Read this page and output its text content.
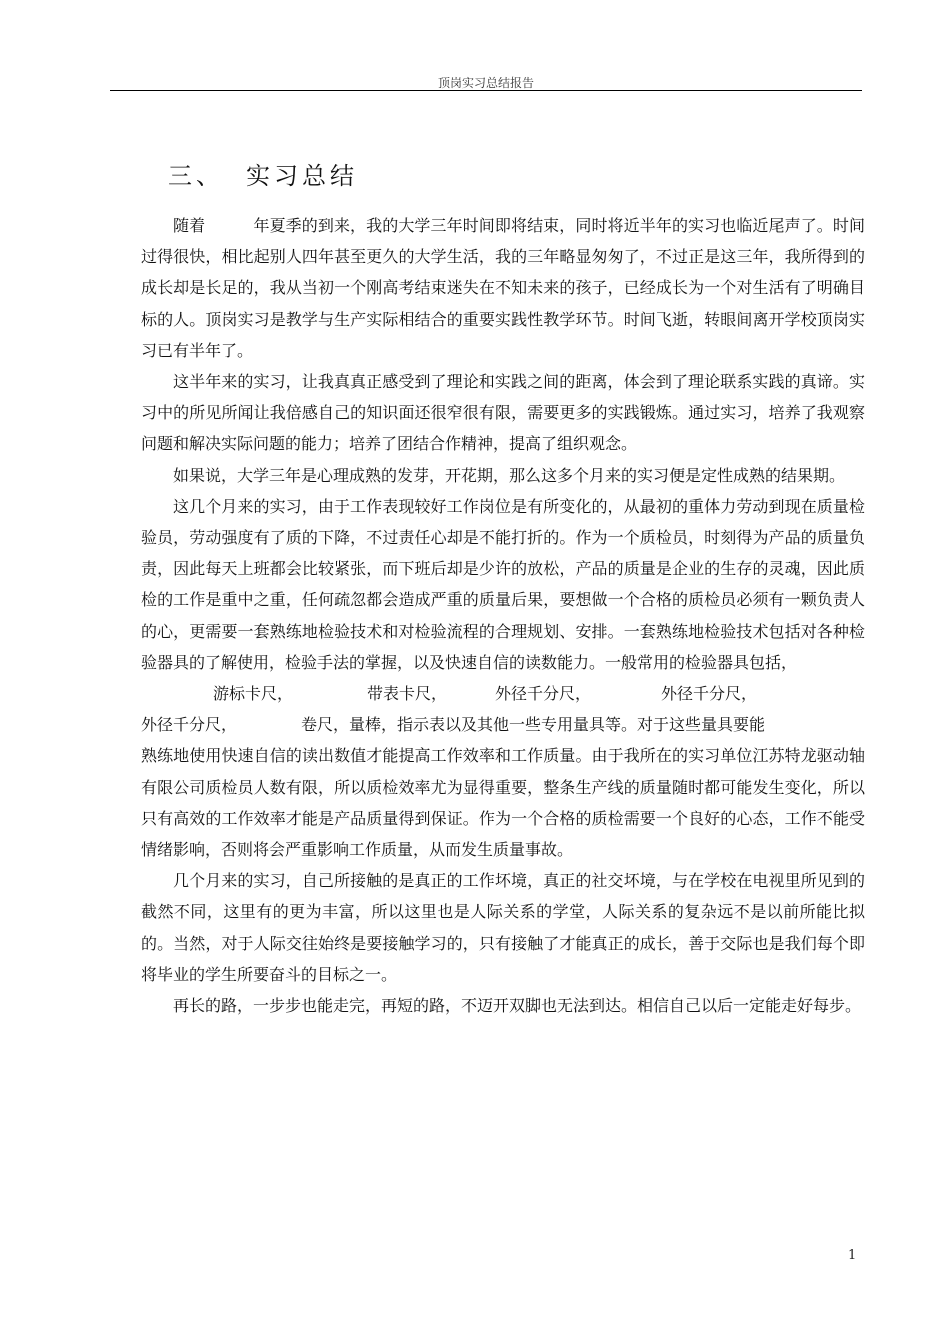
顶岗实习总结报告
三、 实习总结

随着　　　年夏季的到来，我的大学三年时间即将结束，同时将近半年的实习也临近尾声了。时间过得很快，相比起别人四年甚至更久的大学生活，我的三年略显匆匆了，不过正是这三年，我所得到的成长却是长足的，我从当初一个刚高考结束迷失在不知未来的孩子，已经成长为一个对生活有了明确目标的人。顶岗实习是教学与生产实际相结合的重要实践性教学环节。时间飞逝，转眼间离开学校顶岗实习已有半年了。

这半年来的实习，让我真真正感受到了理论和实践之间的距离，体会到了理论联系实践的真谛。实习中的所见所闻让我倍感自己的知识面还很窄很有限，需要更多的实践锻炼。通过实习，培养了我观察问题和解决实际问题的能力；培养了团结合作精神，提高了组织观念。

如果说，大学三年是心理成熟的发芽，开花期，那么这多个月来的实习便是定性成熟的结果期。

这几个月来的实习，由于工作表现较好工作岗位是有所变化的，从最初的重体力劳动到现在质量检验员，劳动强度有了质的下降，不过责任心却是不能打折的。作为一个质检员，时刻得为产品的质量负责，因此每天上班都会比较紧张，而下班后却是少许的放松，产品的质量是企业的生存的灵魂，因此质检的工作是重中之重，任何疏忽都会造成严重的质量后果，要想做一个合格的质检员必须有一颗负责人的心，更需要一套熟练地检验技术和对检验流程的合理规划、安排。一套熟练地检验技术包括对各种检验器具的了解使用，检验手法的掌握，以及快速自信的读数能力。一般常用的检验器具包括，

游标卡尺，	带表卡尺，	外径千分尺，	外径千分尺，

外径千分尺，	卷尺，量棒，指示表以及其他一些专用量具等。对于这些量具要能

熟练地使用快速自信的读出数值才能提高工作效率和工作质量。由于我所在的实习单位江苏特龙驱动轴有限公司质检员人数有限，所以质检效率尤为显得重要，整条生产线的质量随时都可能发生变化，所以只有高效的工作效率才能是产品质量得到保证。作为一个合格的质检需要一个良好的心态，工作不能受情绪影响，否则将会严重影响工作质量，从而发生质量事故。

几个月来的实习，自己所接触的是真正的工作坏境，真正的社交坏境，与在学校在电视里所见到的截然不同，这里有的更为丰富，所以这里也是人际关系的学堂，人际关系的复杂远不是以前所能比拟的。当然，对于人际交往始终是要接触学习的，只有接触了才能真正的成长，善于交际也是我们每个即将毕业的学生所要奋斗的目标之一。

再长的路，一步步也能走完，再短的路，不迈开双脚也无法到达。相信自己以后一定能走好每步。

1
